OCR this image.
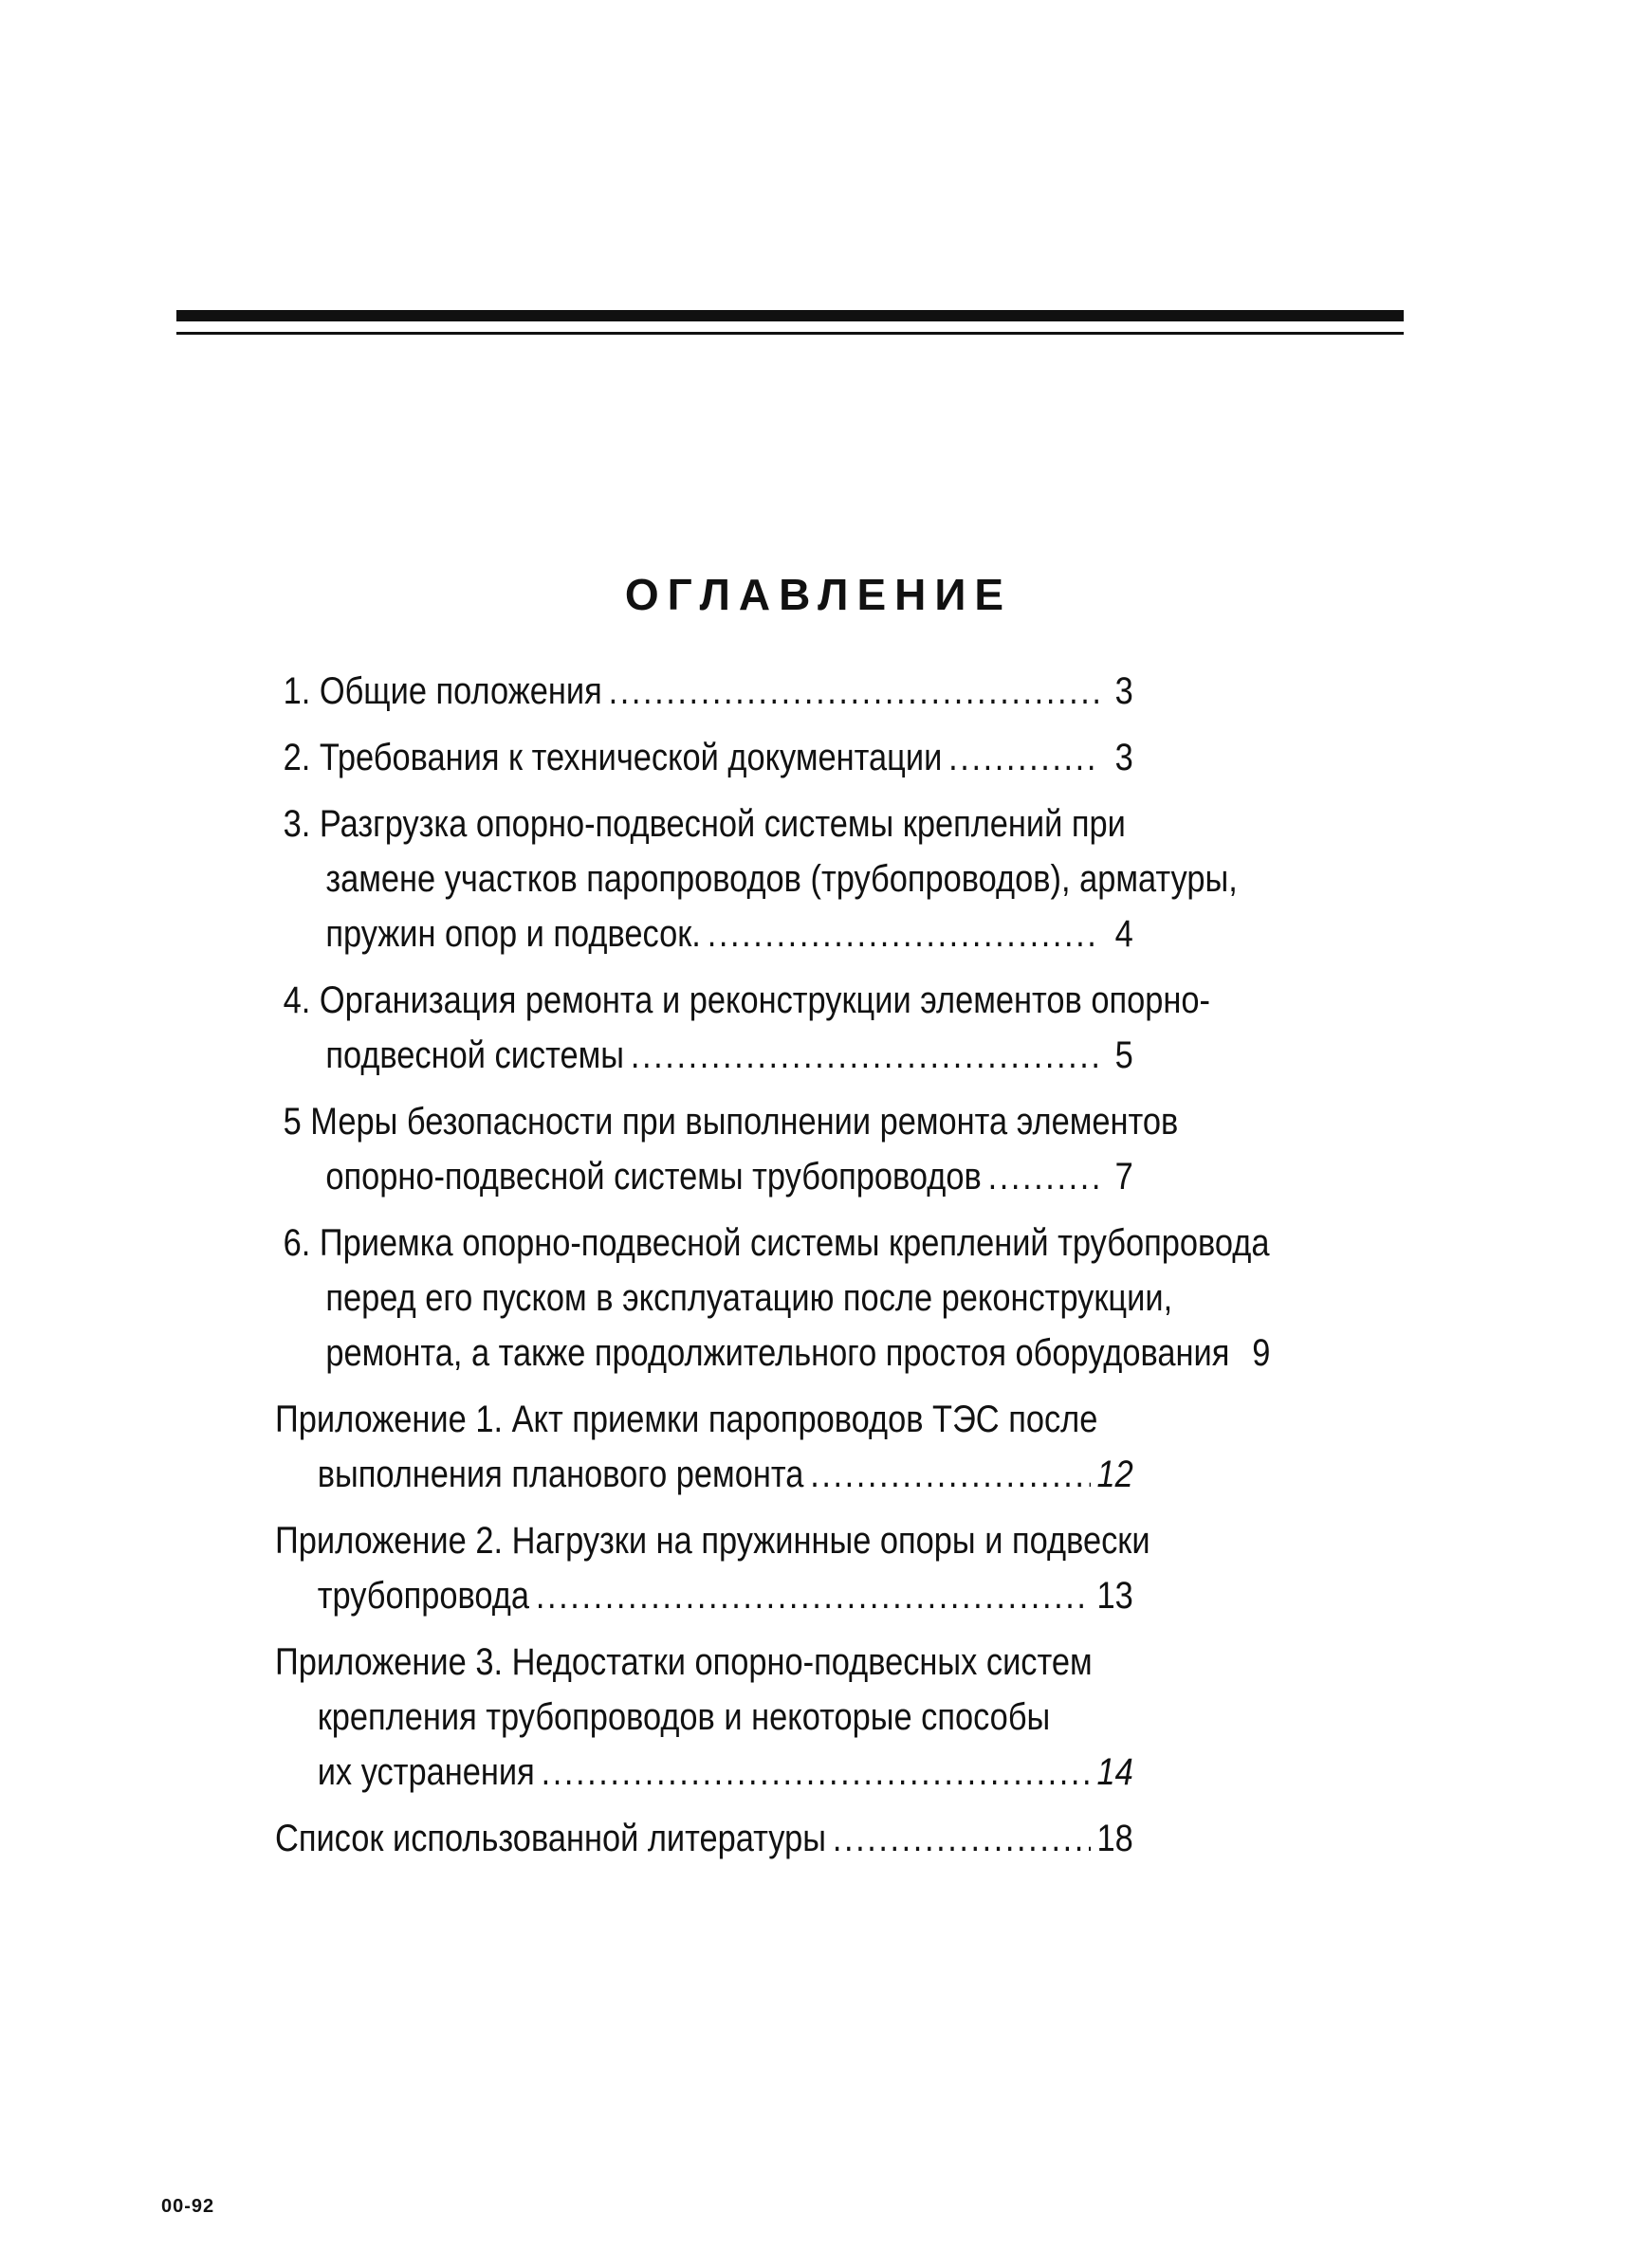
ОГЛАВЛЕНИЕ
1. Общие положения .....	3
2. Требования к технической документации .....	3
3. Разгрузка опорно-подвесной системы креплений при
замене участков паропроводов (трубопроводов), арматуры,
пружин опор и подвесок. .....	4
4. Организация ремонта и реконструкции элементов опорно-
подвесной системы .....	5
5 Меры безопасности при выполнении ремонта элементов
опорно-подвесной системы трубопроводов .....	7
6. Приемка опорно-подвесной системы креплений трубопровода
перед его пуском в эксплуатацию после реконструкции,
ремонта, а также продолжительного простоя оборудования 9
Приложение 1. Акт приемки паропроводов ТЭС после
выполнения планового ремонта .....	12
Приложение 2. Нагрузки на пружинные опоры и подвески
трубопровода .....	13
Приложение 3. Недостатки опорно-подвесных систем
крепления трубопроводов и некоторые способы
их устранения .....	14
Список использованной литературы .....	18
00-92
